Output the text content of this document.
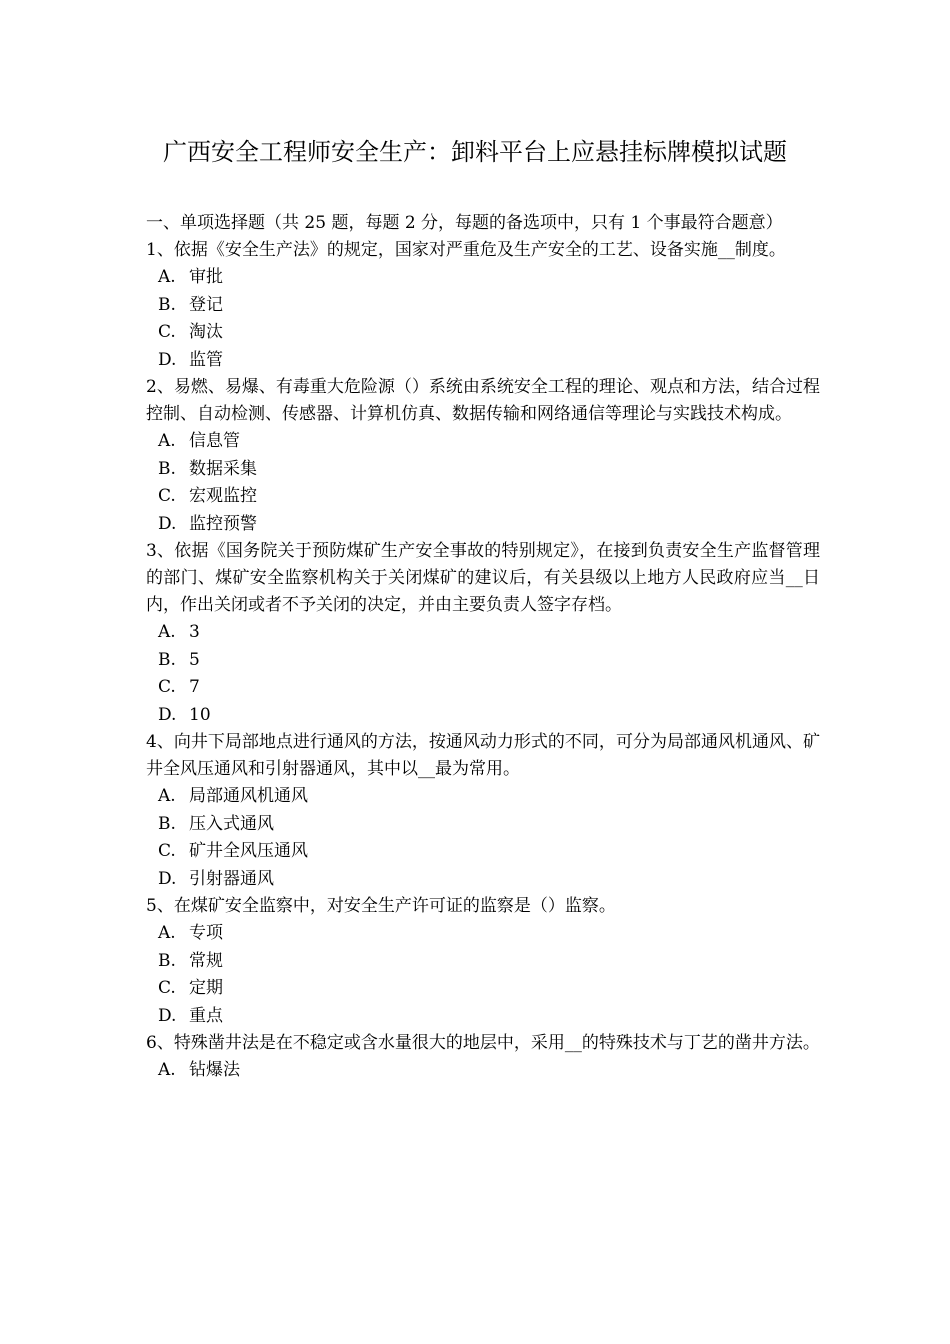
广西安全工程师安全生产：卸料平台上应悬挂标牌模拟试题

一、单项选择题（共 25 题，每题 2 分，每题的备选项中，只有 1 个事最符合题意）

1、依据《安全生产法》的规定，国家对严重危及生产安全的工艺、设备实施__制度。

A. 审批
B. 登记
C. 淘汰
D. 监管

2、易燃、易爆、有毒重大危险源（）系统由系统安全工程的理论、观点和方法，结合过程控制、自动检测、传感器、计算机仿真、数据传输和网络通信等理论与实践技术构成。

A. 信息管
B. 数据采集
C. 宏观监控
D. 监控预警

3、依据《国务院关于预防煤矿生产安全事故的特别规定》，在接到负责安全生产监督管理的部门、煤矿安全监察机构关于关闭煤矿的建议后，有关县级以上地方人民政府应当__日内，作出关闭或者不予关闭的决定，并由主要负责人签字存档。

A. 3
B. 5
C. 7
D. 10

4、向井下局部地点进行通风的方法，按通风动力形式的不同，可分为局部通风机通风、矿井全风压通风和引射器通风，其中以__最为常用。

A. 局部通风机通风
B. 压入式通风
C. 矿井全风压通风
D. 引射器通风

5、在煤矿安全监察中，对安全生产许可证的监察是（）监察。

A. 专项
B. 常规
C. 定期
D. 重点

6、特殊凿井法是在不稳定或含水量很大的地层中，采用__的特殊技术与丁艺的凿井方法。

A. 钻爆法
